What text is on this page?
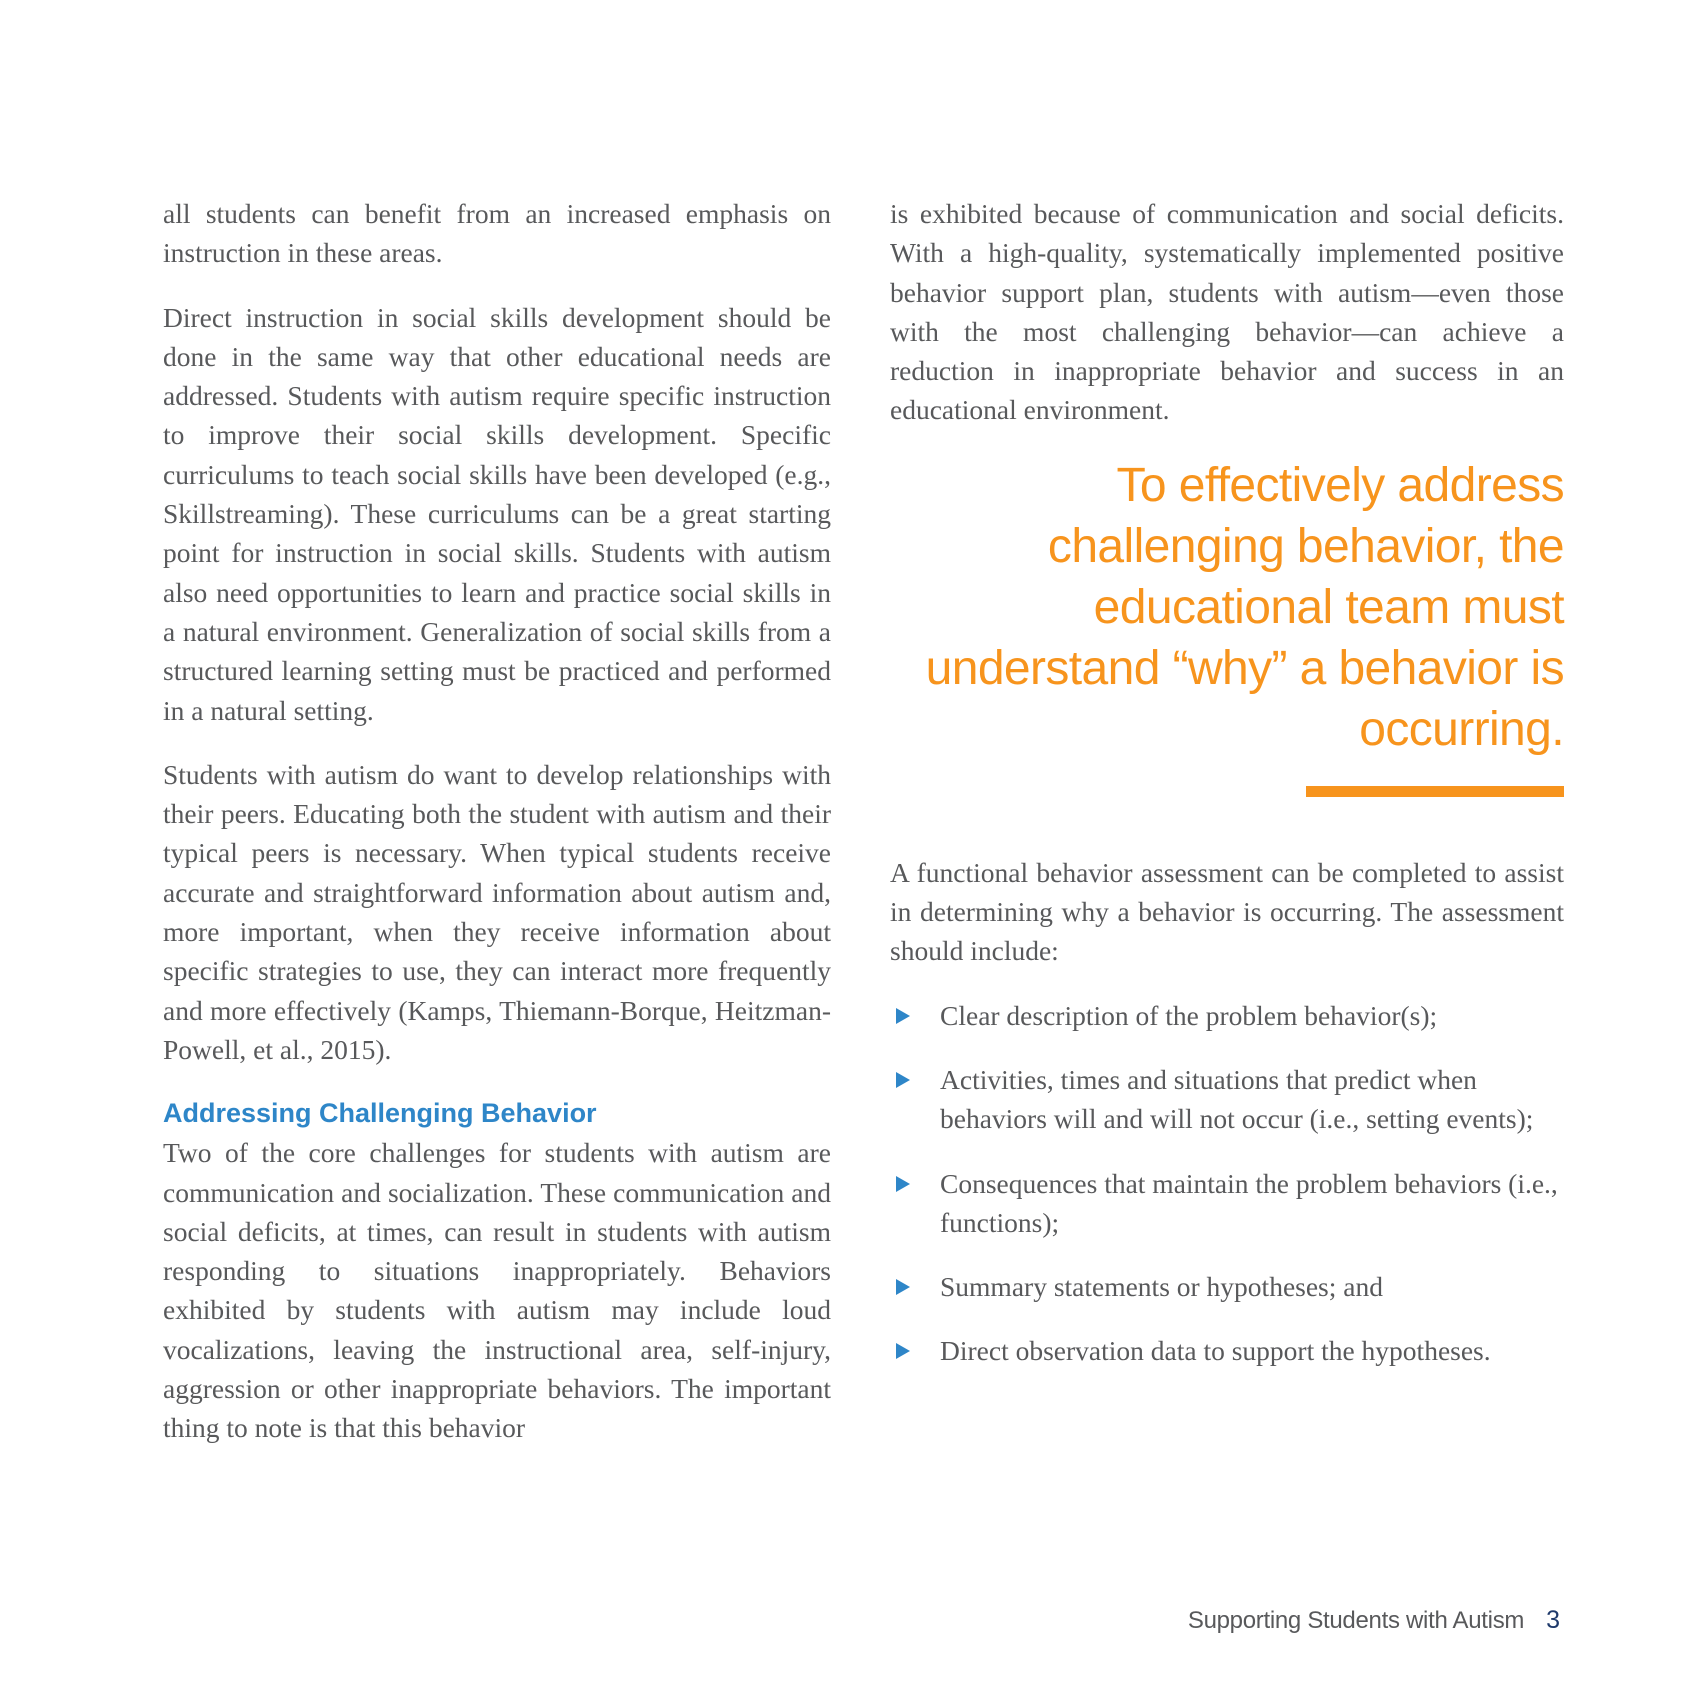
all students can benefit from an increased emphasis on instruction in these areas.

Direct instruction in social skills development should be done in the same way that other educational needs are addressed. Students with autism require specific instruction to improve their social skills development. Specific curriculums to teach social skills have been developed (e.g., Skillstreaming). These curriculums can be a great starting point for instruction in social skills. Students with autism also need opportunities to learn and practice social skills in a natural environment. Generalization of social skills from a structured learning setting must be practiced and performed in a natural setting.

Students with autism do want to develop relationships with their peers. Educating both the student with autism and their typical peers is necessary. When typical students receive accurate and straightforward information about autism and, more important, when they receive information about specific strategies to use, they can interact more frequently and more effectively (Kamps, Thiemann-Borque, Heitzman-Powell, et al., 2015).

Addressing Challenging Behavior

Two of the core challenges for students with autism are communication and socialization. These communication and social deficits, at times, can result in students with autism responding to situations inappropriately. Behaviors exhibited by students with autism may include loud vocalizations, leaving the instructional area, self-injury, aggression or other inappropriate behaviors. The important thing to note is that this behavior

is exhibited because of communication and social deficits. With a high-quality, systematically implemented positive behavior support plan, students with autism—even those with the most challenging behavior—can achieve a reduction in inappropriate behavior and success in an educational environment.

To effectively address challenging behavior, the educational team must understand “why” a behavior is occurring.

A functional behavior assessment can be completed to assist in determining why a behavior is occurring. The assessment should include:

Clear description of the problem behavior(s);
Activities, times and situations that predict when behaviors will and will not occur (i.e., setting events);
Consequences that maintain the problem behaviors (i.e., functions);
Summary statements or hypotheses; and
Direct observation data to support the hypotheses.
Supporting Students with Autism 3
